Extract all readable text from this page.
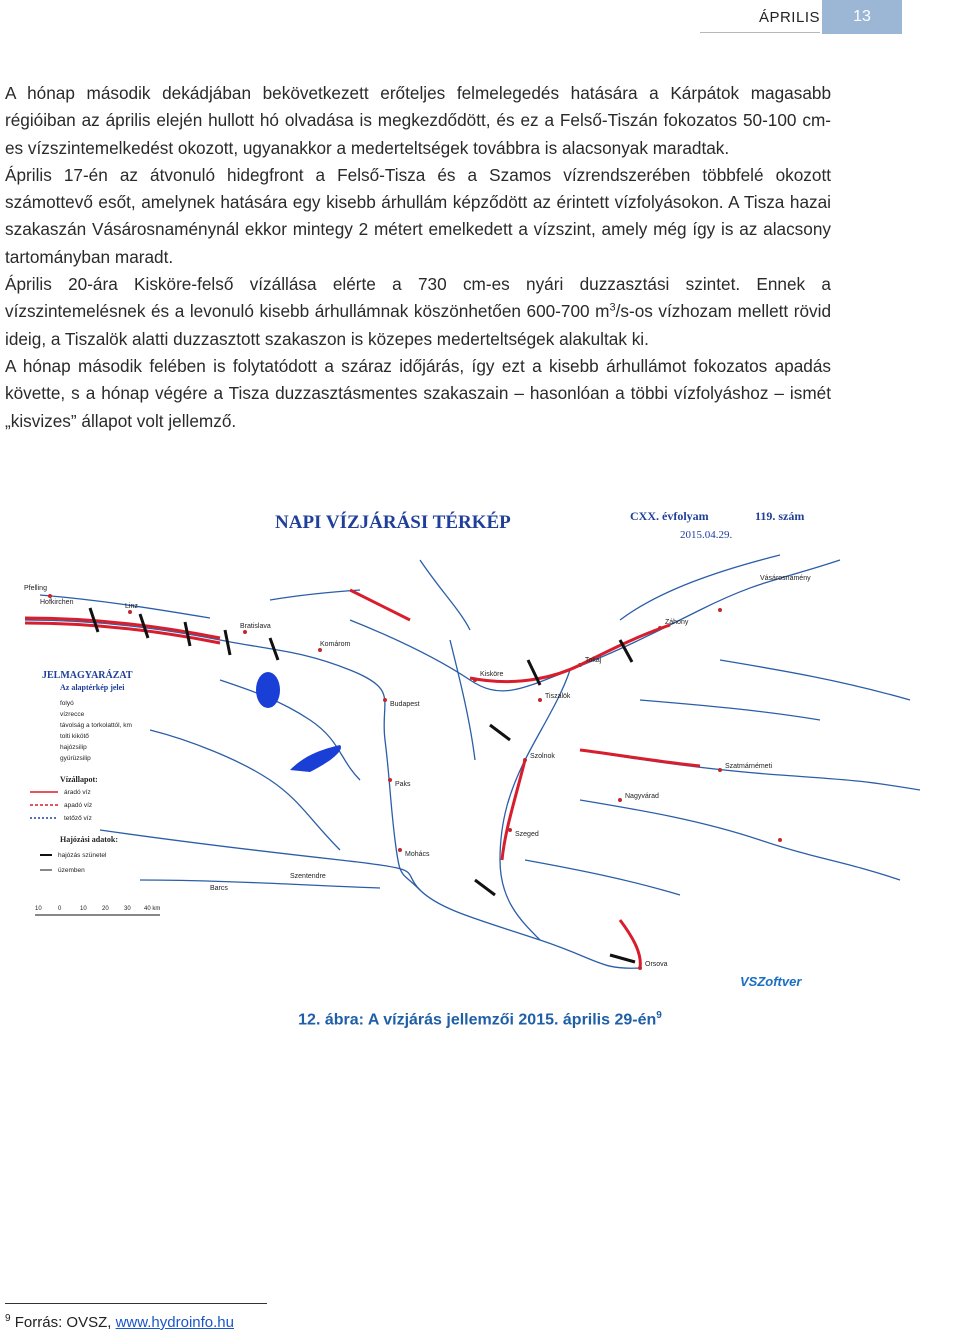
ÁPRILIS	13

A hónap második dekádjában bekövetkezett erőteljes felmelegedés hatására a Kárpátok magasabb régióiban az április elején hullott hó olvadása is megkezdődött, és ez a Felső-Tiszán fokozatos 50-100 cm-es vízszintemelkedést okozott, ugyanakkor a mederteltségek továbbra is alacsonyak maradtak.

Április 17-én az átvonuló hidegfront a Felső-Tisza és a Szamos vízrendszerében többfelé okozott számottevő esőt, amelynek hatására egy kisebb árhullám képződött az érintett vízfolyásokon. A Tisza hazai szakaszán Vásárosnaménynál ekkor mintegy 2 métert emelkedett a vízszint, amely még így is az alacsony tartományban maradt.

Április 20-ára Kisköre-felső vízállása elérte a 730 cm-es nyári duzzasztási szintet. Ennek a vízszintemelésnek és a levonuló kisebb árhullámnak köszönhetően 600-700 $m^3/s-os$ vízhozam mellett rövid ideig, a Tiszalök alatti duzzasztott szakaszon is közepes mederteltségek alakultak ki.

A hónap második felében is folytatódott a száraz időjárás, így ezt a kisebb árhullámot fokozatos apadás követte, s a hónap végére a Tisza duzzasztásmentes szakaszain – hasonlóan a többi vízfolyáshoz – ismét „kisvizes” állapot volt jellemző.

NAPI VÍZJÁRÁSI TÉRKÉP	CXX. évfolyam	119. szám
2015.04.29.
Pfelling
Hofkirchen
Linz
Bratislava
Komárom
Budapest
Paks
Mohács
Kisköre
Tiszalök
Tokaj
Záhony
Szolnok
Szeged
Nagyvárad
Szatmárnémeti
Vásárosnamény
Orsova
Barcs
Szentendre
JELMAGYARÁZAT
Az alaptérkép jelei
folyó
vízrecce
távolság a torkolattól, km
tolti kikötő
hajózsilip
gyürüzsilip
Vízállapot:
áradó víz
apadó víz
tetőző víz
Hajózási adatok:
hajózás szünetel
üzemben
10	0	10	20	30 40 km
VSZoftver
12. ábra: A vízjárás jellemzői 2015. április $29-én^9$
$^9$ Forrás: OVSZ, www.hydroinfo.hu
